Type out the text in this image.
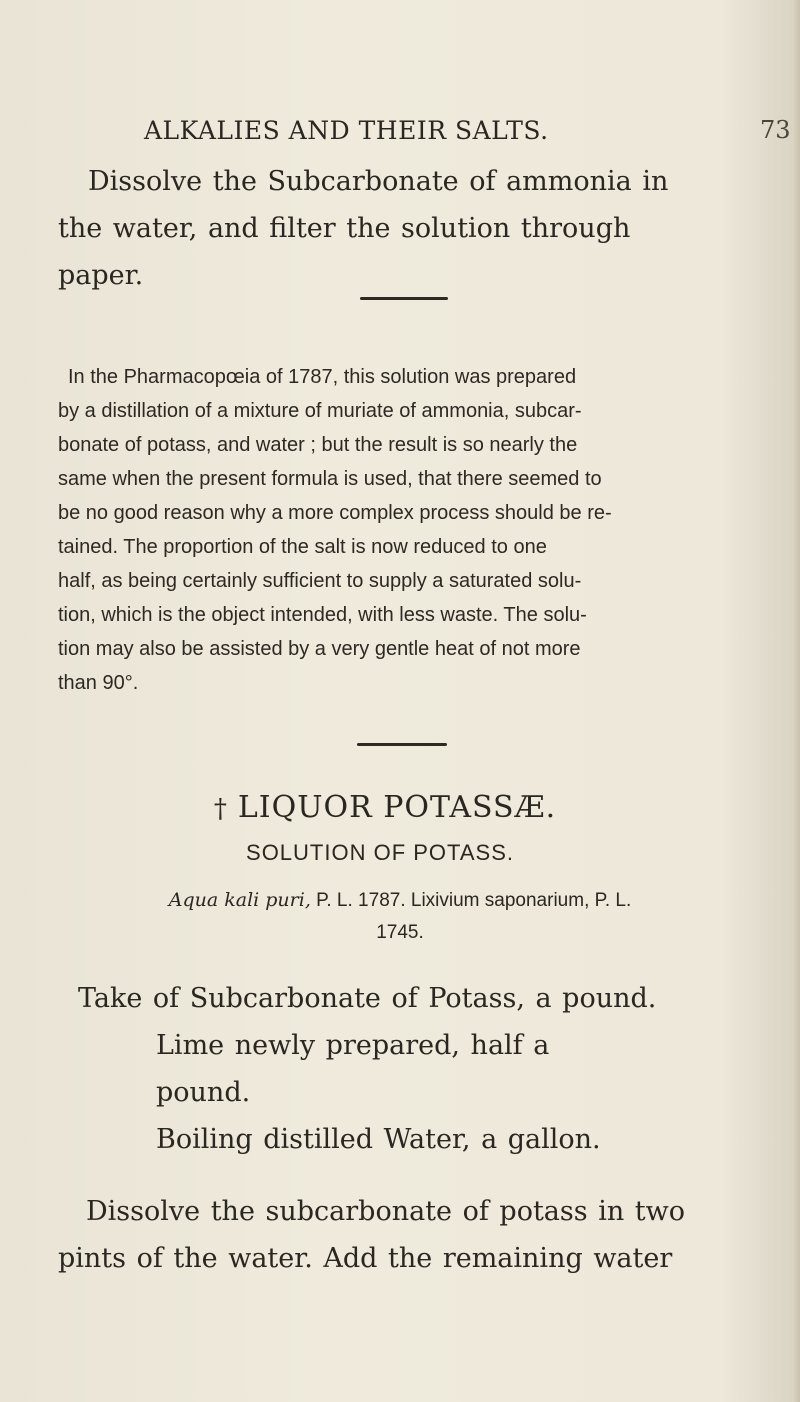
ALKALIES AND THEIR SALTS.	73
Dissolve the Subcarbonate of ammonia in
the water, and filter the solution through
paper.
In the Pharmacopœia of 1787, this solution was prepared
by a distillation of a mixture of muriate of ammonia, subcar-
bonate of potass, and water ; but the result is so nearly the
same when the present formula is used, that there seemed to
be no good reason why a more complex process should be re-
tained. The proportion of the salt is now reduced to one
half, as being certainly sufficient to supply a saturated solu-
tion, which is the object intended, with less waste. The solu-
tion may also be assisted by a very gentle heat of not more
than 90°.
† LIQUOR POTASSÆ.
SOLUTION OF POTASS.
Aqua kali puri, P. L. 1787. Lixivium saponarium, P. L.
1745.
Take of Subcarbonate of Potass, a pound.
Lime newly prepared, half a
pound.
Boiling distilled Water, a gallon.
Dissolve the subcarbonate of potass in two
pints of the water. Add the remaining water
